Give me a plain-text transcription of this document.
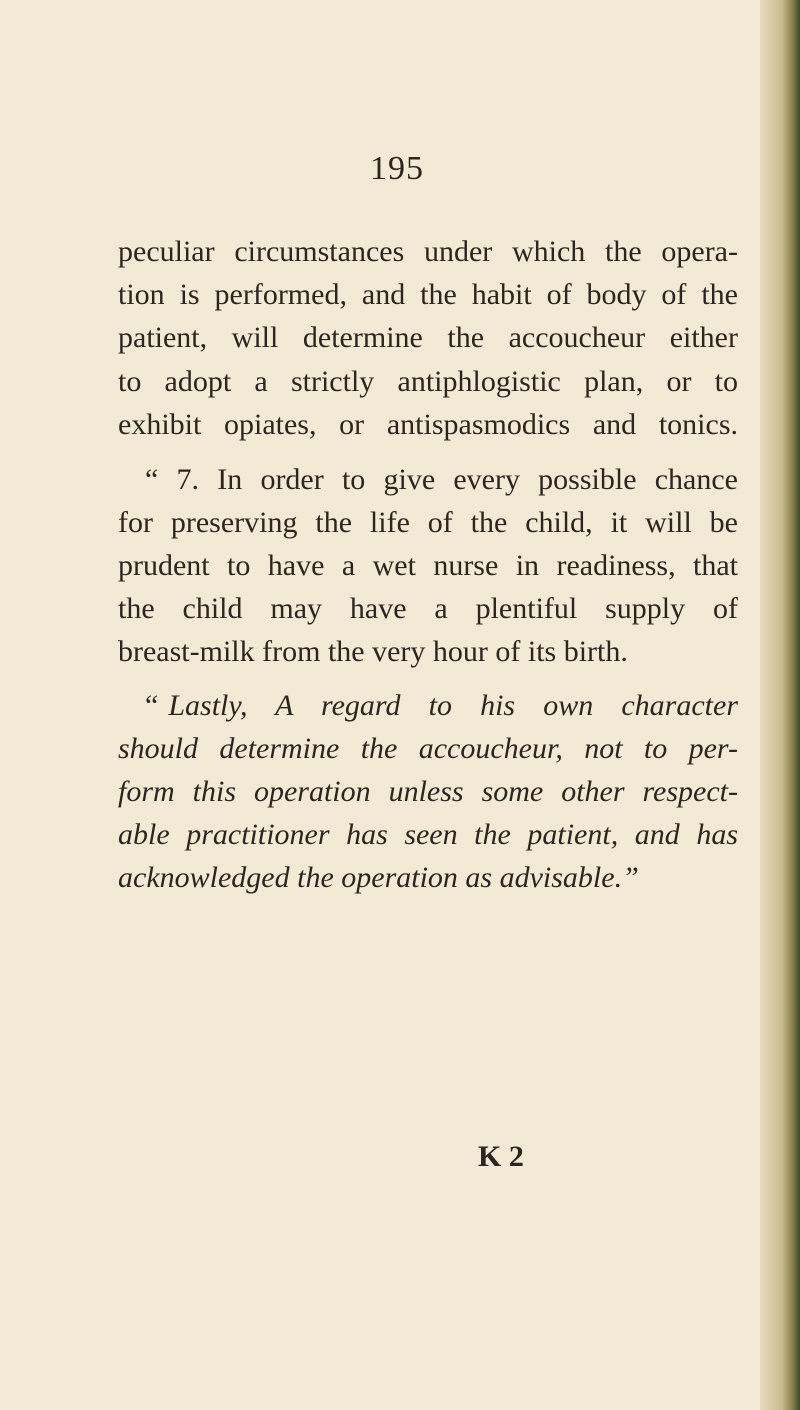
195
peculiar circumstances under which the opera-
tion is performed, and the habit of body of the
patient, will determine the accoucheur either
to adopt a strictly antiphlogistic plan, or to
exhibit opiates, or antispasmodics and tonics.
“ 7. In order to give every possible chance
for preserving the life of the child, it will be
prudent to have a wet nurse in readiness, that
the child may have a plentiful supply of
breast-milk from the very hour of its birth.
“ Lastly, A regard to his own character
should determine the accoucheur, not to per-
form this operation unless some other respect-
able practitioner has seen the patient, and has
acknowledged the operation as advisable.”
K 2
